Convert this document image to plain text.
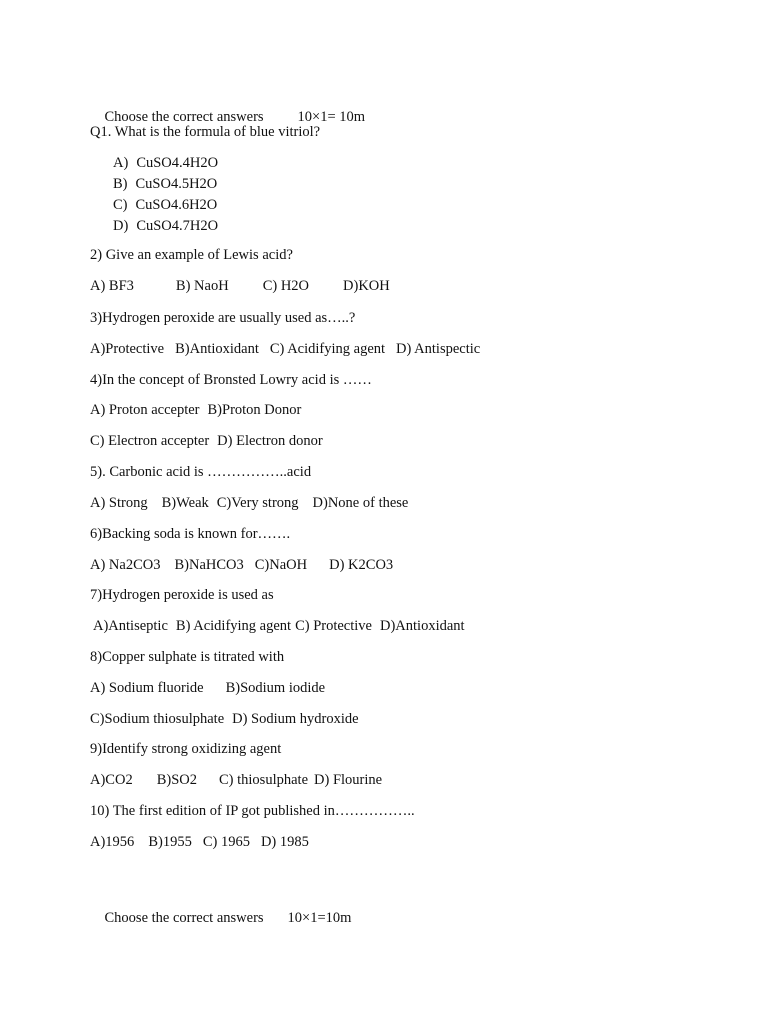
Choose the correct answers 10×1= 10m

Q1. What is the formula of blue vitriol?
A) CuSO4.4H2O
B) CuSO4.5H2O
C) CuSO4.6H2O
D) CuSO4.7H2O
2) Give an example of Lewis acid?
A) BF3	B) NaoH C) H2O D)KOH
3)Hydrogen peroxide are usually used as…..?
A)Protective B)Antioxidant C) Acidifying agent D) Antispectic
4)In the concept of Bronsted Lowry acid is ……
A) Proton accepter B)Proton Donor
C) Electron accepter D) Electron donor
5). Carbonic acid is ……………..acid
A) Strong B)Weak C)Very strong D)None of these
6)Backing soda is known for…….
A) Na2CO3 B)NaHCO3 C)NaOH D) K2CO3
7)Hydrogen peroxide is used as
A)Antiseptic B) Acidifying agent C) Protective D)Antioxidant
8)Copper sulphate is titrated with
A) Sodium fluoride B)Sodium iodide
C)Sodium thiosulphate D) Sodium hydroxide
9)Identify strong oxidizing agent
A)CO2 B)SO2 C) thiosulphate D) Flourine
10) The first edition of IP got published in……………..
A)1956 B)1955 C) 1965 D) 1985

Choose the correct answers 10×1=10m
